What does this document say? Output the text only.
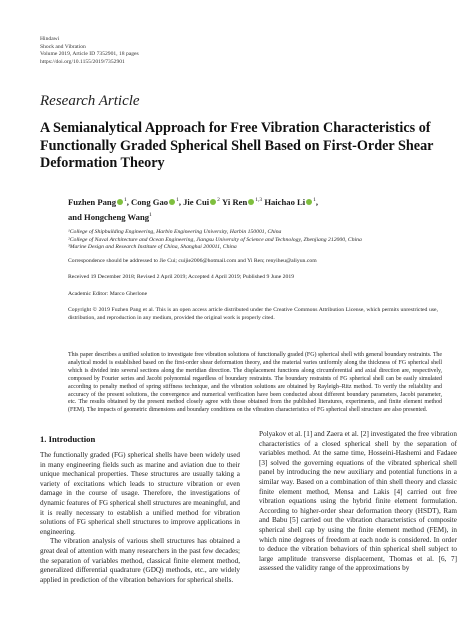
Hindawi
Shock and Vibration
Volume 2019, Article ID 7352901, 18 pages
https://doi.org/10.1155/2019/7352901
Research Article
A Semianalytical Approach for Free Vibration Characteristics of Functionally Graded Spherical Shell Based on First-Order Shear Deformation Theory
Fuzhen Pang $^1$, Cong Gao $^1$, Jie Cui $^2$ Yi Ren $^{1,3}$ Haichao Li $^1$,
and Hongcheng Wang$^1$
¹College of Shipbuilding Engineering, Harbin Engineering University, Harbin 150001, China
²College of Naval Architecture and Ocean Engineering, Jiangsu University of Science and Technology, Zhenjiang 212000, China
³Marine Design and Research Institute of China, Shanghai 200011, China
Correspondence should be addressed to Jie Cui; cuijie2006@hotmail.com and Yi Ren; renyiheu@aliyun.com
Received 19 December 2018; Revised 2 April 2019; Accepted 4 April 2019; Published 9 June 2019
Academic Editor: Marco Gherlone
Copyright © 2019 Fuzhen Pang et al. This is an open access article distributed under the Creative Commons Attribution License, which permits unrestricted use, distribution, and reproduction in any medium, provided the original work is properly cited.
This paper describes a unified solution to investigate free vibration solutions of functionally graded (FG) spherical shell with general boundary restraints. The analytical model is established based on the first-order shear deformation theory, and the material varies uniformly along the thickness of FG spherical shell which is divided into several sections along the meridian direction. The displacement functions along circumferential and axial direction are, respectively, composed by Fourier series and Jacobi polynomial regardless of boundary restraints. The boundary restraints of FG spherical shell can be easily simulated according to penalty method of spring stiffness technique, and the vibration solutions are obtained by Rayleigh–Ritz method. To verify the reliability and accuracy of the present solutions, the convergence and numerical verification have been conducted about different boundary parameters, Jacobi parameter, etc. The results obtained by the present method closely agree with those obtained from the published literatures, experiments, and finite element method (FEM). The impacts of geometric dimensions and boundary conditions on the vibration characteristics of FG spherical shell structure are also presented.
1. Introduction

The functionally graded (FG) spherical shells have been widely used in many engineering fields such as marine and aviation due to their unique mechanical properties. These structures are usually taking a variety of excitations which leads to structure vibration or even damage in the course of usage. Therefore, the investigations of dynamic features of FG spherical shell structures are meaningful, and it is really necessary to establish a unified method for vibration solutions of FG spherical shell structures to improve applications in engineering.

The vibration analysis of various shell structures has obtained a great deal of attention with many researchers in the past few decades; the separation of variables method, classical finite element method, generalized differential quadrature (GDQ) methods, etc., are widely applied in prediction of the vibration behaviors for spherical shells.

Polyakov et al. [1] and Zaera et al. [2] investigated the free vibration characteristics of a closed spherical shell by the separation of variables method. At the same time, Hosseini-Hashemi and Fadaee [3] solved the governing equations of the vibrated spherical shell panel by introducing the new auxiliary and potential functions in a similar way. Based on a combination of thin shell theory and classic finite element method, Mensa and Lakis [4] carried out free vibration equations using the hybrid finite element formulation. According to higher-order shear deformation theory (HSDT), Ram and Babu [5] carried out the vibration characteristics of composite spherical shell cap by using the finite element method (FEM), in which nine degrees of freedom at each node is considered. In order to deduce the vibration behaviors of thin spherical shell subject to large amplitude transverse displacement, Thomas et al. [6, 7] assessed the validity range of the approximations by
